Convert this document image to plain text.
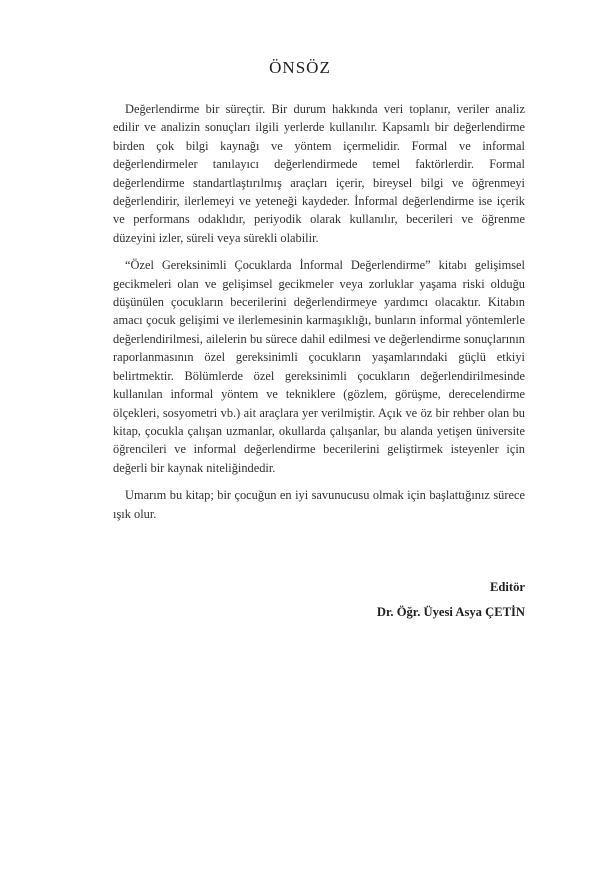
ÖNSÖZ

Değerlendirme bir süreçtir. Bir durum hakkında veri toplanır, veriler analiz edilir ve analizin sonuçları ilgili yerlerde kullanılır. Kapsamlı bir değerlendirme birden çok bilgi kaynağı ve yöntem içermelidir. Formal ve informal değerlendirmeler tanılayıcı değerlendirmede temel faktörlerdir. Formal değerlendirme standartlaştırılmış araçları içerir, bireysel bilgi ve öğrenmeyi değerlendirir, ilerlemeyi ve yeteneği kaydeder. İnformal değerlendirme ise içerik ve performans odaklıdır, periyodik olarak kullanılır, becerileri ve öğrenme düzeyini izler, süreli veya sürekli olabilir.

“Özel Gereksinimli Çocuklarda İnformal Değerlendirme” kitabı gelişimsel gecikmeleri olan ve gelişimsel gecikmeler veya zorluklar yaşama riski olduğu düşünülen çocukların becerilerini değerlendirmeye yardımcı olacaktır. Kitabın amacı çocuk gelişimi ve ilerlemesinin karmaşıklığı, bunların informal yöntemlerle değerlendirilmesi, ailelerin bu sürece dahil edilmesi ve değerlendirme sonuçlarının raporlanmasının özel gereksinimli çocukların yaşamlarındaki güçlü etkiyi belirtmektir. Bölümlerde özel gereksinimli çocukların değerlendirilmesinde kullanılan informal yöntem ve tekniklere (gözlem, görüşme, derecelendirme ölçekleri, sosyometri vb.) ait araçlara yer verilmiştir. Açık ve öz bir rehber olan bu kitap, çocukla çalışan uzmanlar, okullarda çalışanlar, bu alanda yetişen üniversite öğrencileri ve informal değerlendirme becerilerini geliştirmek isteyenler için değerli bir kaynak niteliğindedir.

Umarım bu kitap; bir çocuğun en iyi savunucusu olmak için başlattığınız sürece ışık olur.

Editör
Dr. Öğr. Üyesi Asya ÇETİN
